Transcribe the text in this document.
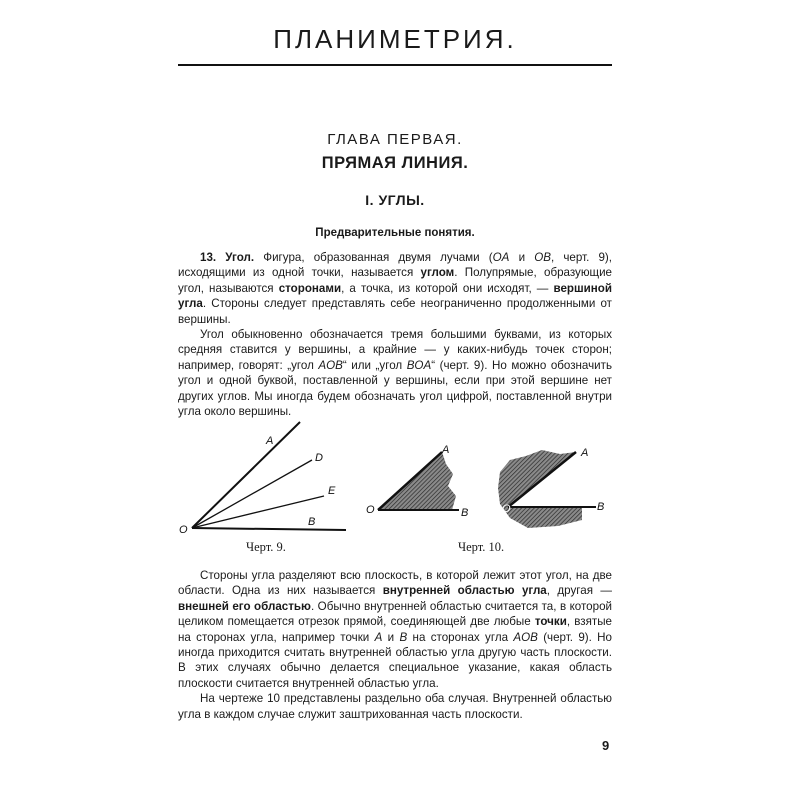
ПЛАНИМЕТРИЯ.
ГЛАВА ПЕРВАЯ.
ПРЯМАЯ ЛИНИЯ.
I. УГЛЫ.
Предварительные понятия.

13. Угол. Фигура, образованная двумя лучами (OA и OB, черт. 9), исходящими из одной точки, называется углом. Полупрямые, образующие угол, называются сторонами, а точка, из которой они исходят, — вершиной угла. Стороны следует представлять себе неограниченно продолженными от вершины.

Угол обыкновенно обозначается тремя большими буквами, из которых средняя ставится у вершины, а крайние — у каких-нибудь точек сторон; например, говорят: „угол AOB“ или „угол BOA“ (черт. 9). Но можно обозначить угол и одной буквой, поставленной у вершины, если при этой вершине нет других углов. Мы иногда будем обозначать угол цифрой, поставленной внутри угла около вершины.

A
D
E
B
O
Черт. 9.
A
O	B
A
O	B
Черт. 10.

Стороны угла разделяют всю плоскость, в которой лежит этот угол, на две области. Одна из них называется внутренней областью угла, другая — внешней его областью. Обычно внутренней областью считается та, в которой целиком помещается отрезок прямой, соединяющей две любые точки, взятые на сторонах угла, например точки A и B на сторонах угла AOB (черт. 9). Но иногда приходится считать внутренней областью угла другую часть плоскости. В этих случаях обычно делается специальное указание, какая область плоскости считается внутренней областью угла.

На чертеже 10 представлены раздельно оба случая. Внутренней областью угла в каждом случае служит заштрихованная часть плоскости.

9
